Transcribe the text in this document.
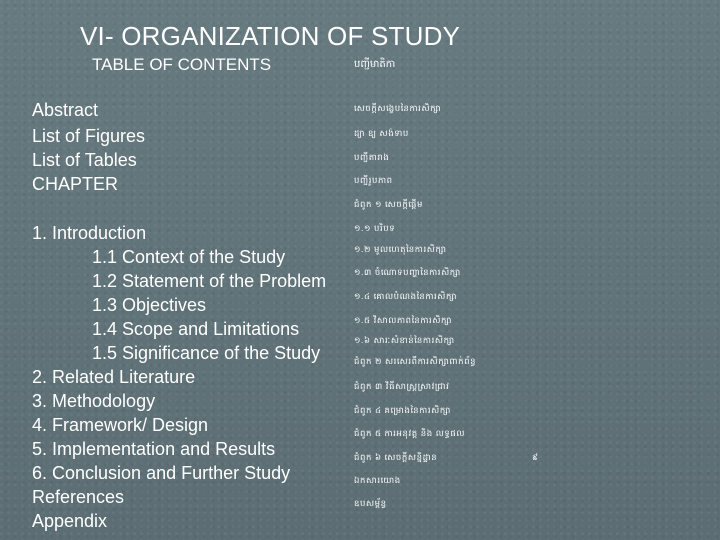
VI- ORGANIZATION OF STUDY
TABLE OF CONTENTS	បញ្ជីមាតិកា
Abstract
List of Figures
List of Tables
CHAPTER
1. Introduction
1.1 Context of the Study
1.2 Statement of the Problem
1.3 Objectives
1.4 Scope and Limitations
1.5 Significance of the Study
2. Related Literature
3. Methodology
4. Framework/ Design
5. Implementation and Results
6. Conclusion and Further Study
References
Appendix
សេចក្តីសង្ខេបនៃការសិក្សា
ដ្យា ឧ្យ សង់ទាប
បញ្ជីតារាង
បញ្ជីរូបភាព
ជំពូក ១ សេចក្តីផ្តើម
១.១ បរិបទ
១.២ មូលហេតុនៃការសិក្សា
១.៣ ចំណោទបញ្ហានៃការសិក្សា
១.៤ គោលបំណងនៃការសិក្សា
១.៥ វិសាលភាពនៃការសិក្សា
១.៦ សារៈសំខាន់នៃការសិក្សា
ជំពូក ២ សរសេរពីការសិក្សាពាក់ព័ន្ធ
ជំពូក ៣ វិធីសាស្ត្រស្រាវជ្រាវ
ជំពូក ៤ គម្រោងនៃការសិក្សា
ជំពូក ៥ ការអនុវត្ត និង លទ្ធផល
ជំពូក ៦ សេចក្តីសន្និដ្ឋាន
ឯកសារយោង
ឧបសម្ព័ន្ធ
៩
